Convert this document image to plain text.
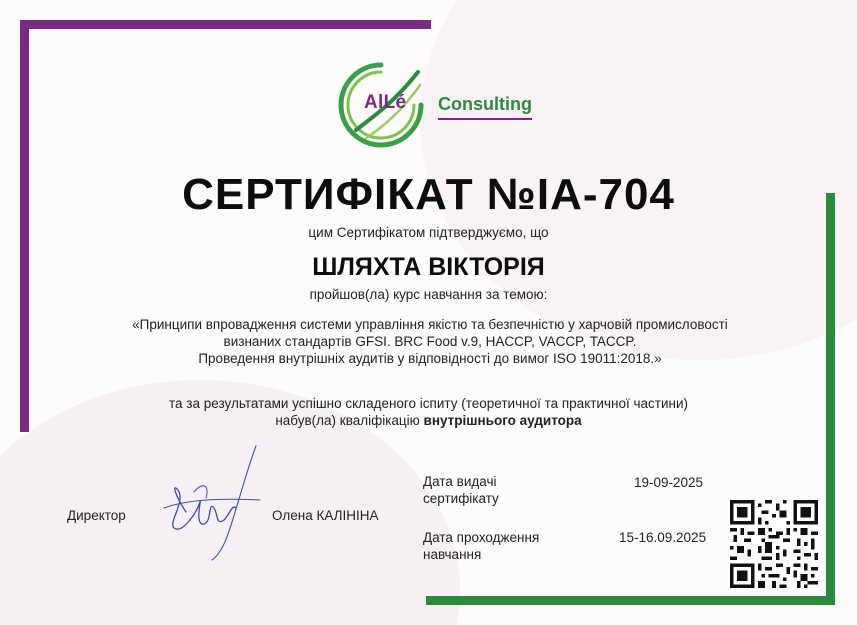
AlLé Consulting
СЕРТИФІКАТ №IA-704
цим Сертифікатом підтверджуємо, що
ШЛЯХТА ВІКТОРІЯ
пройшов(ла) курс навчання за темою:
«Принципи впровадження системи управління якістю та безпечністю у харчовій промисловості
визнаних стандартів GFSI. BRC Food v.9, HACCP, VACCP, TACCP.
Проведення внутрішніх аудитів у відповідності до вимог ISO 19011:2018.»
та за результатами успішно складеного іспиту (теоретичної та практичної частини)
набув(ла) кваліфікацію внутрішнього аудитора
Директор	Олена КАЛІНІНА
Дата видачі сертифікату
19-09-2025
Дата проходження навчання
15-16.09.2025
